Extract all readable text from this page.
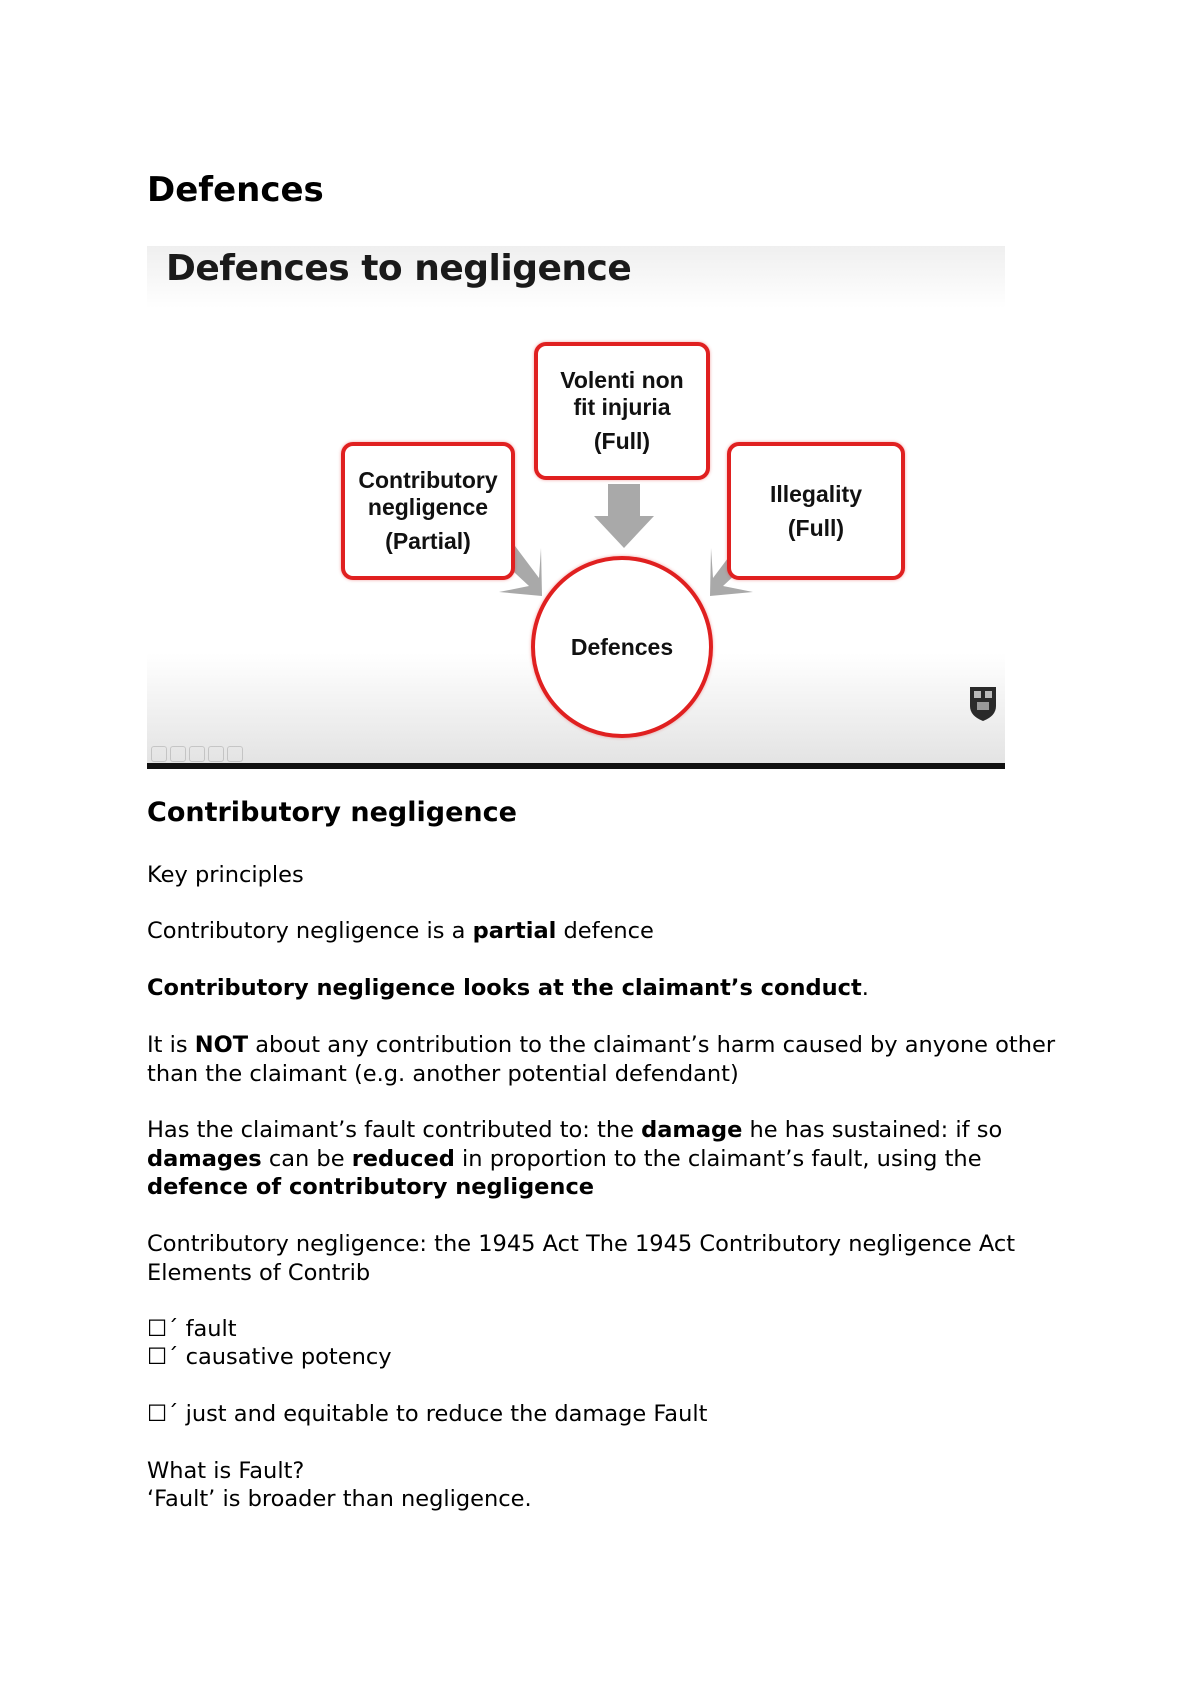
Defences
Defences to negligence
Contributory
negligence
(Partial)
Volenti non
fit injuria
(Full)
Illegality
(Full)
Defences
Contributory negligence

Key principles

Contributory negligence is a partial defence

Contributory negligence looks at the claimant’s conduct.

It is NOT about any contribution to the claimant’s harm caused by anyone other than the claimant (e.g. another potential defendant)

Has the claimant’s fault contributed to: the damage he has sustained: if so damages can be reduced in proportion to the claimant’s fault, using the defence of contributory negligence

Contributory negligence: the 1945 Act The 1945 Contributory negligence Act Elements of Contrib

☐´ fault

☐´ causative potency

☐´ just and equitable to reduce the damage Fault

What is Fault?

‘Fault’ is broader than negligence.
